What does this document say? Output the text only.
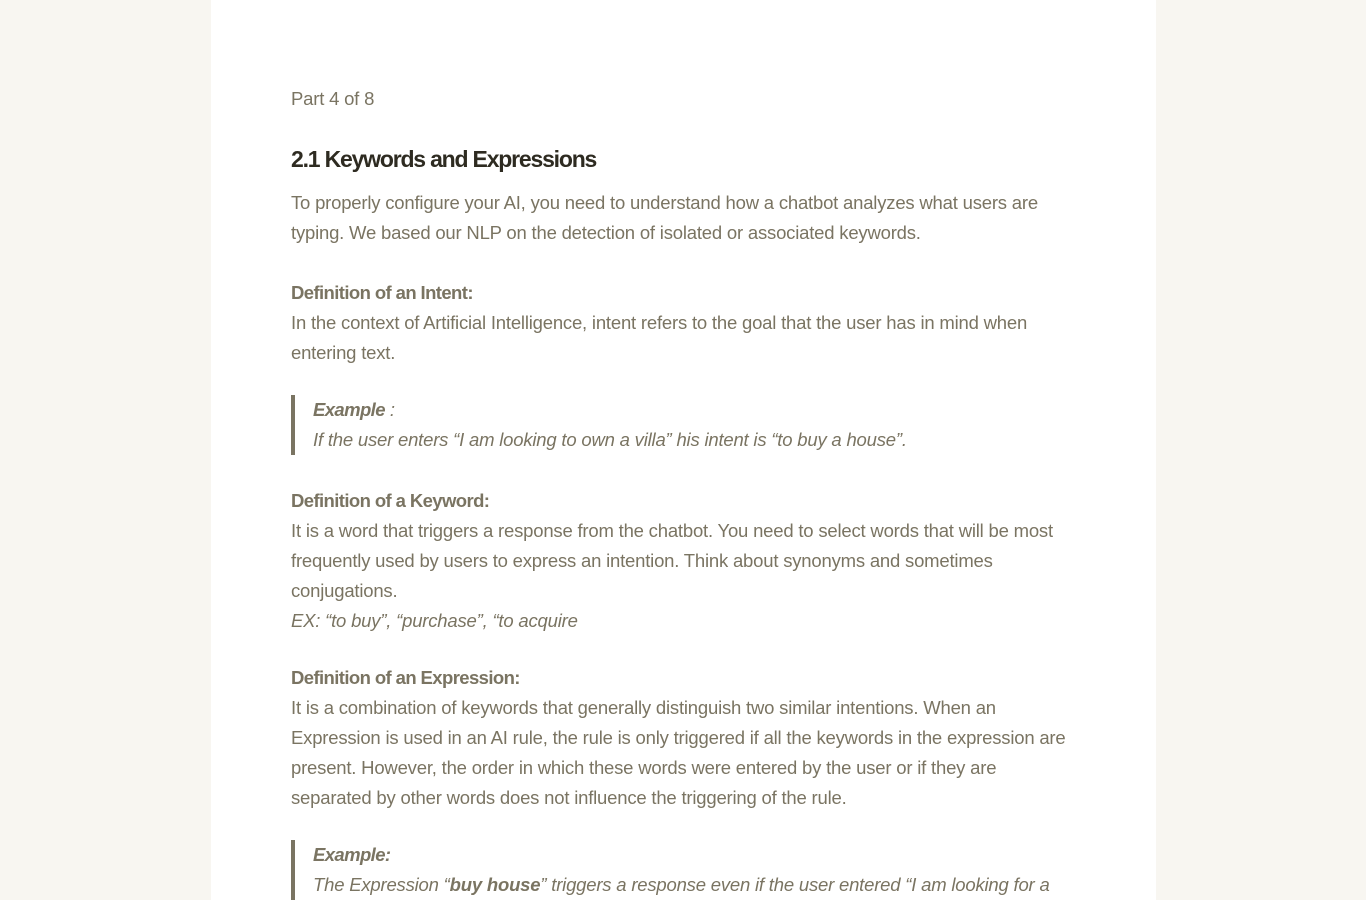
Part 4 of 8

2.1 Keywords and Expressions

To properly configure your AI, you need to understand how a chatbot analyzes what users are typing. We based our NLP on the detection of isolated or associated keywords.

Definition of an Intent:

In the context of Artificial Intelligence, intent refers to the goal that the user has in mind when entering text.

Example :

If the user enters “I am looking to own a villa” his intent is “to buy a house”.

Definition of a Keyword:

It is a word that triggers a response from the chatbot. You need to select words that will be most frequently used by users to express an intention. Think about synonyms and sometimes conjugations.

EX: “to buy”, “purchase”, “to acquire

Definition of an Expression:

It is a combination of keywords that generally distinguish two similar intentions. When an Expression is used in an AI rule, the rule is only triggered if all the keywords in the expression are present. However, the order in which these words were entered by the user or if they are separated by other words does not influence the triggering of the rule.

Example:

The Expression “buy house” triggers a response even if the user entered “I am looking for a
